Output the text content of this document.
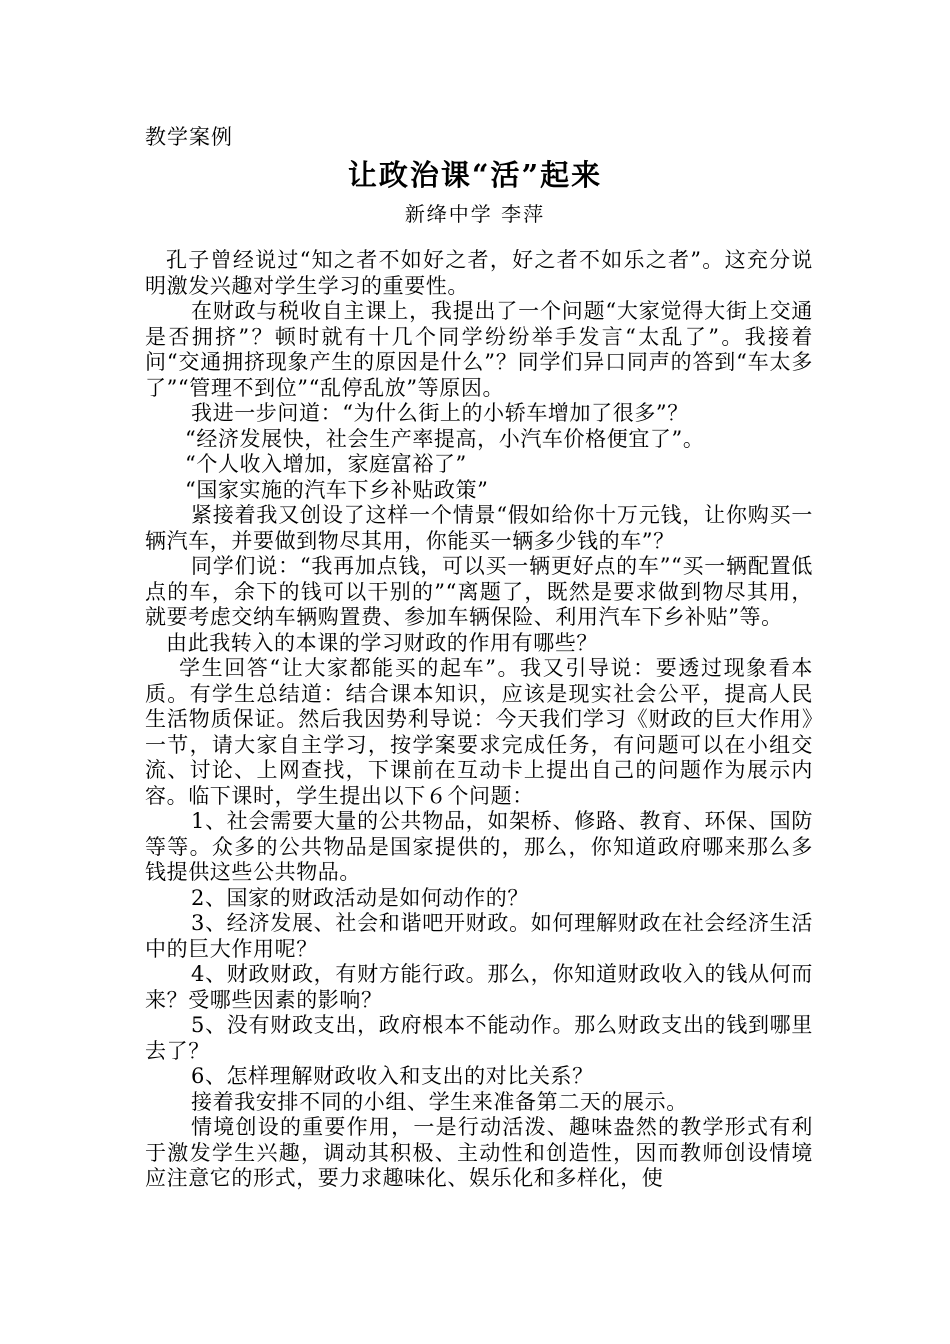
教学案例
让政治课“活”起来
新绛中学 李萍

孔子曾经说过“知之者不如好之者，好之者不如乐之者”。这充分说明激发兴趣对学生学习的重要性。

在财政与税收自主课上，我提出了一个问题“大家觉得大街上交通是否拥挤”？顿时就有十几个同学纷纷举手发言“太乱了”。我接着问“交通拥挤现象产生的原因是什么”？同学们异口同声的答到“车太多了”“管理不到位”“乱停乱放”等原因。

我进一步问道：“为什么街上的小轿车增加了很多”？

“经济发展快，社会生产率提高，小汽车价格便宜了”。

“个人收入增加，家庭富裕了”

“国家实施的汽车下乡补贴政策”

紧接着我又创设了这样一个情景“假如给你十万元钱，让你购买一辆汽车，并要做到物尽其用，你能买一辆多少钱的车”？

同学们说：“我再加点钱，可以买一辆更好点的车”“买一辆配置低点的车，余下的钱可以干别的”“离题了，既然是要求做到物尽其用，就要考虑交纳车辆购置费、参加车辆保险、利用汽车下乡补贴”等。

由此我转入的本课的学习财政的作用有哪些？

学生回答“让大家都能买的起车”。我又引导说：要透过现象看本质。有学生总结道：结合课本知识，应该是现实社会公平，提高人民生活物质保证。然后我因势利导说：今天我们学习《财政的巨大作用》一节，请大家自主学习，按学案要求完成任务，有问题可以在小组交流、讨论、上网查找，下课前在互动卡上提出自己的问题作为展示内容。临下课时，学生提出以下６个问题：

1、社会需要大量的公共物品，如架桥、修路、教育、环保、国防等等。众多的公共物品是国家提供的，那么，你知道政府哪来那么多钱提供这些公共物品。

2、国家的财政活动是如何动作的？

3、经济发展、社会和谐吧开财政。如何理解财政在社会经济生活中的巨大作用呢？

4、财政财政，有财方能行政。那么，你知道财政收入的钱从何而来？受哪些因素的影响？

5、没有财政支出，政府根本不能动作。那么财政支出的钱到哪里去了？

6、怎样理解财政收入和支出的对比关系？

接着我安排不同的小组、学生来准备第二天的展示。

情境创设的重要作用，一是行动活泼、趣味盎然的教学形式有利于激发学生兴趣，调动其积极、主动性和创造性，因而教师创设情境应注意它的形式，要力求趣味化、娱乐化和多样化，使
